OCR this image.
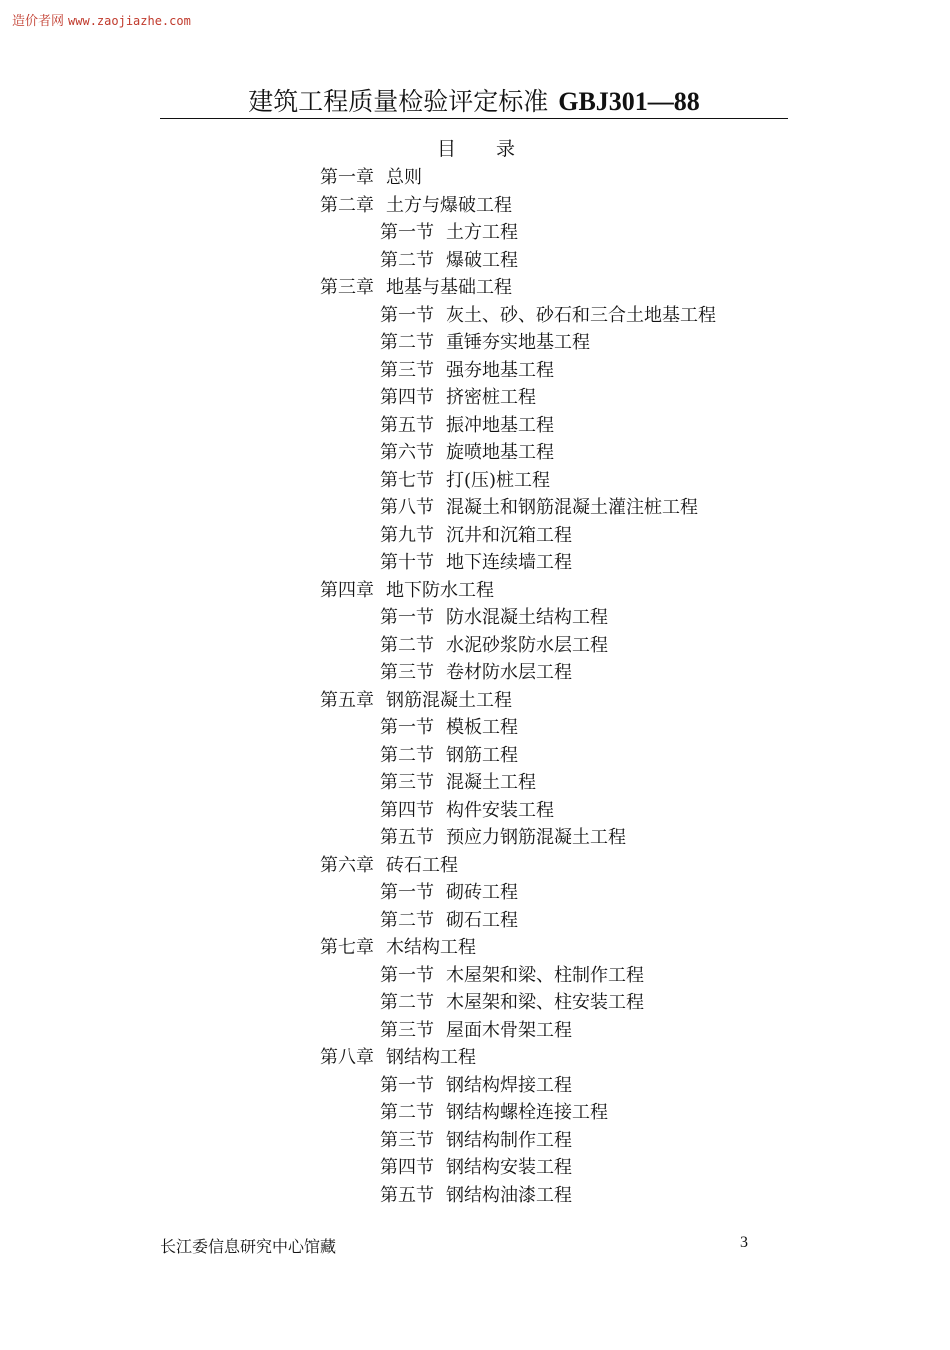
造价者网 www.zaojiazhe.com
建筑工程质量检验评定标准 GBJ301—88
目录
第一章 总则
第二章 土方与爆破工程
第一节 土方工程
第二节 爆破工程
第三章 地基与基础工程
第一节 灰土、砂、砂石和三合土地基工程
第二节 重锤夯实地基工程
第三节 强夯地基工程
第四节 挤密桩工程
第五节 振冲地基工程
第六节 旋喷地基工程
第七节 打(压)桩工程
第八节 混凝土和钢筋混凝土灌注桩工程
第九节 沉井和沉箱工程
第十节 地下连续墙工程
第四章 地下防水工程
第一节 防水混凝土结构工程
第二节 水泥砂浆防水层工程
第三节 卷材防水层工程
第五章 钢筋混凝土工程
第一节 模板工程
第二节 钢筋工程
第三节 混凝土工程
第四节 构件安装工程
第五节 预应力钢筋混凝土工程
第六章 砖石工程
第一节 砌砖工程
第二节 砌石工程
第七章 木结构工程
第一节 木屋架和梁、柱制作工程
第二节 木屋架和梁、柱安装工程
第三节 屋面木骨架工程
第八章 钢结构工程
第一节 钢结构焊接工程
第二节 钢结构螺栓连接工程
第三节 钢结构制作工程
第四节 钢结构安装工程
第五节 钢结构油漆工程
长江委信息研究中心馆藏	3
